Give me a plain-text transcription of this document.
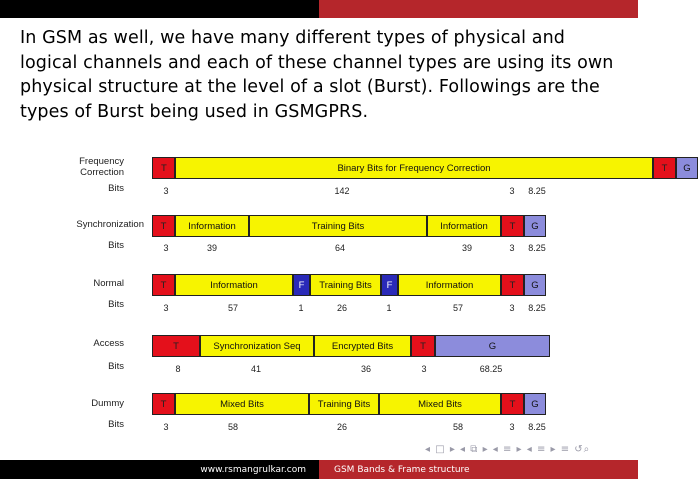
In GSM as well, we have many different types of physical and logical channels and each of these channel types are using its own physical structure at the level of a slot (Burst). Followings are the types of Burst being used in GSMGPRS.
Frequency Correction
Bits
T	Binary Bits for Frequency Correction	T	G
3	142	3 8.25
Synchronization
Bits
T	Information	Training Bits	Information	T	G
3	39	64	39	3 8.25
Normal
Bits
T	Information	F	Training Bits	F	Information	T	G
3	57	1	26	1	57	3 8.25
Access
Bits
T	Synchronization Seq	Encrypted Bits	T	G
8	41	36	3	68.25
Dummy
Bits
T	Mixed Bits	Training Bits	Mixed Bits	T	G
3	58	26	58	3 8.25
◂ □ ▸ ◂ ⧉ ▸ ◂ ≡ ▸ ◂ ≡ ▸ ≡ ↺⌕
www.rsmangrulkar.com	GSM Bands & Frame structure
